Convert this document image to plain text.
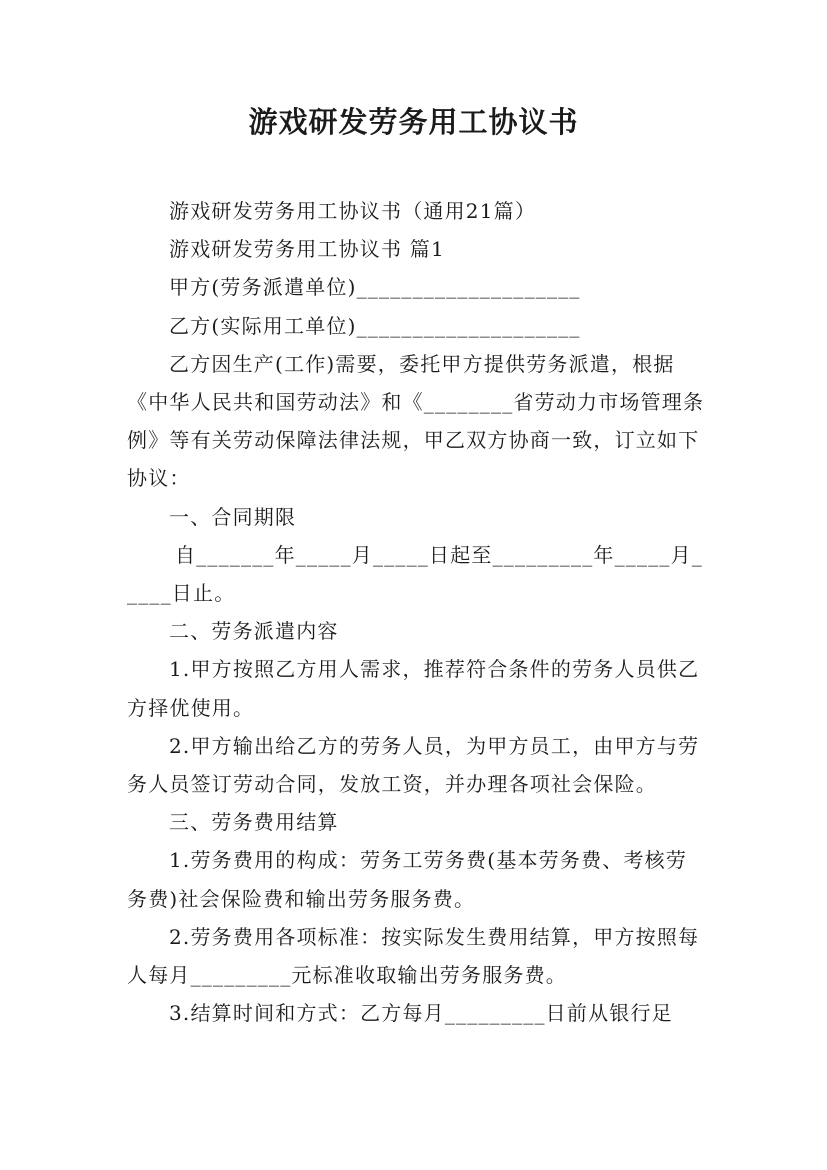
游戏研发劳务用工协议书

游戏研发劳务用工协议书（通用21篇）

游戏研发劳务用工协议书 篇1

甲方(劳务派遣单位)____________________

乙方(实际用工单位)____________________

乙方因生产(工作)需要，委托甲方提供劳务派遣，根据《中华人民共和国劳动法》和《________省劳动力市场管理条例》等有关劳动保障法律法规，甲乙双方协商一致，订立如下协议：

一、合同期限

自_______年_____月_____日起至_________年_____月_____日止。

二、劳务派遣内容

1.甲方按照乙方用人需求，推荐符合条件的劳务人员供乙方择优使用。

2.甲方输出给乙方的劳务人员，为甲方员工，由甲方与劳务人员签订劳动合同，发放工资，并办理各项社会保险。

三、劳务费用结算

1.劳务费用的构成：劳务工劳务费(基本劳务费、考核劳务费)社会保险费和输出劳务服务费。

2.劳务费用各项标准：按实际发生费用结算，甲方按照每人每月_________元标准收取输出劳务服务费。

3.结算时间和方式：乙方每月_________日前从银行足
